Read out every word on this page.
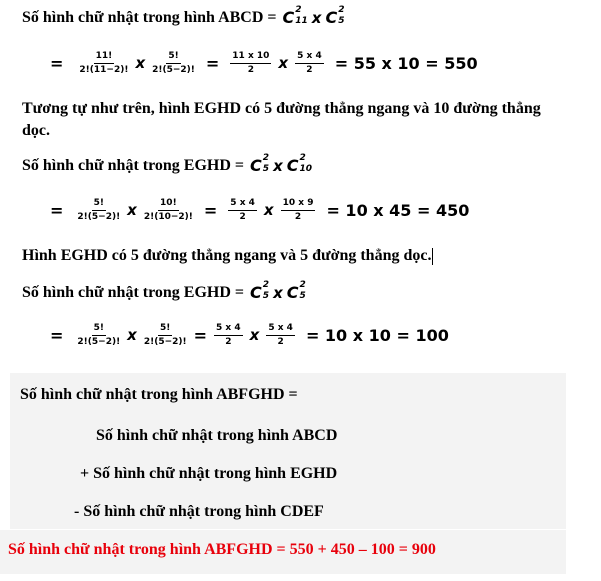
Số hình chữ nhật trong hình ABCD = C 2
11 x C 2
5
= $\frac{11!}{2!(11-2)!}$ x $\frac{5!}{2!(5-2)!} = \frac{11 x 10}{2}$ x $\frac{5 x 4}{2} = 55$ x 10 = 550
Tương tự như trên, hình EGHD có 5 đường thẳng ngang và 10 đường thẳng
dọc.
Số hình chữ nhật trong EGHD = C 2
5 x C 2
10
= $\frac{5!}{2!(5-2)!}$ x $\frac{10!}{2!(10-2)!} = \frac{5 x 4}{2}$ x $\frac{10 x 9}{2} = 10$ x 45 = 450
Hình EGHD có 5 đường thẳng ngang và 5 đường thẳng dọc.
Số hình chữ nhật trong EGHD = C 2
5 x C 2
5
= $\frac{5!}{2!(5-2)!}$ x $\frac{5!}{2!(5-2)!} = \frac{5 x 4}{2}$ x $\frac{5 x 4}{2} = 10$ x 10 = 100
Số hình chữ nhật trong hình ABFGHD =
Số hình chữ nhật trong hình ABCD
+ Số hình chữ nhật trong hình EGHD
- Số hình chữ nhật trong hình CDEF
Số hình chữ nhật trong hình ABFGHD = 550 + 450 – 100 = 900
